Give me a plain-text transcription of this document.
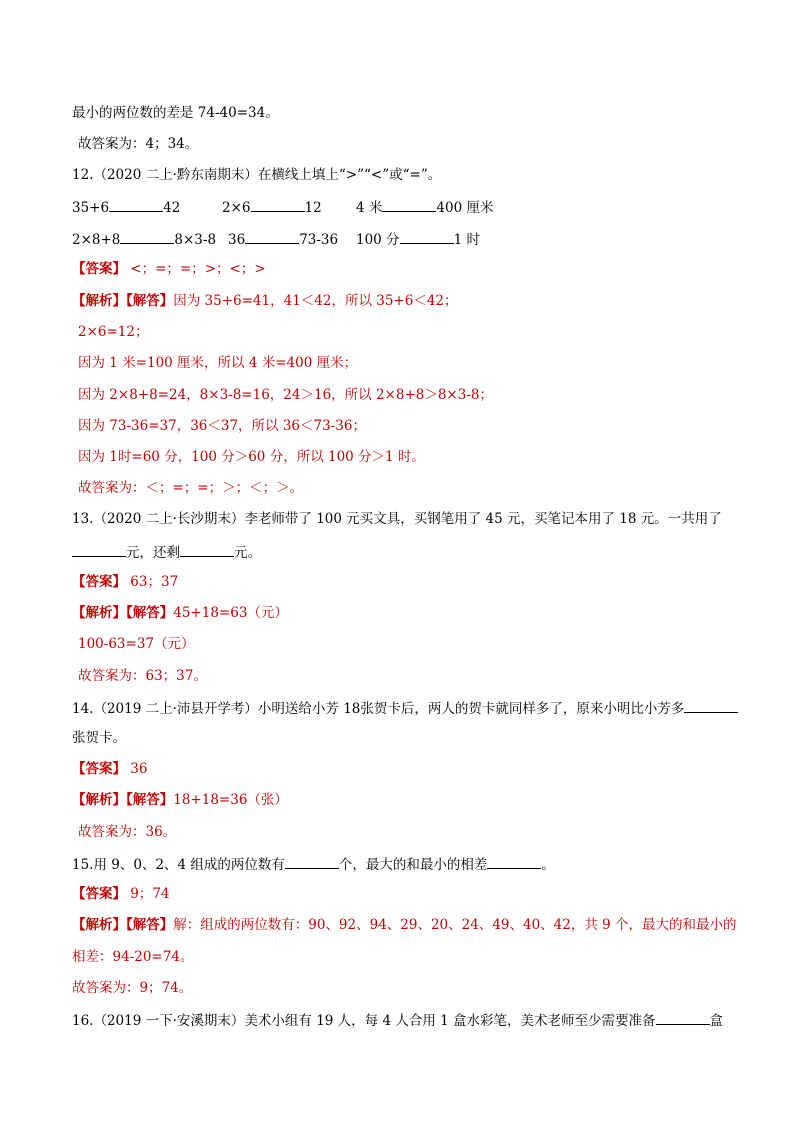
最小的两位数的差是 74-40=34。
故答案为：4；34。
12.（2020 二上·黔东南期末）在横线上填上“>”“<”或“=”。
35+6	42	2×6	12	4 米	400 厘米
2×8+8	8×3-8 36	73-36 100 分	1 时
【答案】 <；=；=；>；<；>
【解析】【解答】因为 35+6=41，41＜42，所以 35+6＜42；
2×6=12；
因为 1 米=100 厘米，所以 4 米=400 厘米；
因为 2×8+8=24，8×3-8=16，24＞16，所以 2×8+8＞8×3-8；
因为 73-36=37，36＜37，所以 36＜73-36；
因为 1时=60 分，100 分＞60 分，所以 100 分＞1 时。
故答案为：＜；=；=；＞；＜；＞。
13.（2020 二上·长沙期末）李老师带了 100 元买文具，买钢笔用了 45 元，买笔记本用了 18 元。一共用了
元，还剩	元。
【答案】 63；37
【解析】【解答】45+18=63（元）
100-63=37（元）
故答案为：63；37。
14.（2019 二上·沛县开学考）小明送给小芳 18张贺卡后，两人的贺卡就同样多了，原来小明比小芳多
张贺卡。
【答案】 36
【解析】【解答】18+18=36（张）
故答案为：36。
15.用 9、0、2、4 组成的两位数有	个，最大的和最小的相差	。
【答案】 9；74
【解析】【解答】解：组成的两位数有：90、92、94、29、20、24、49、40、42，共 9 个，最大的和最小的
相差：94-20=74。
故答案为：9；74。
16.（2019 一下·安溪期末）美术小组有 19 人，每 4 人合用 1 盒水彩笔，美术老师至少需要准备	盒
